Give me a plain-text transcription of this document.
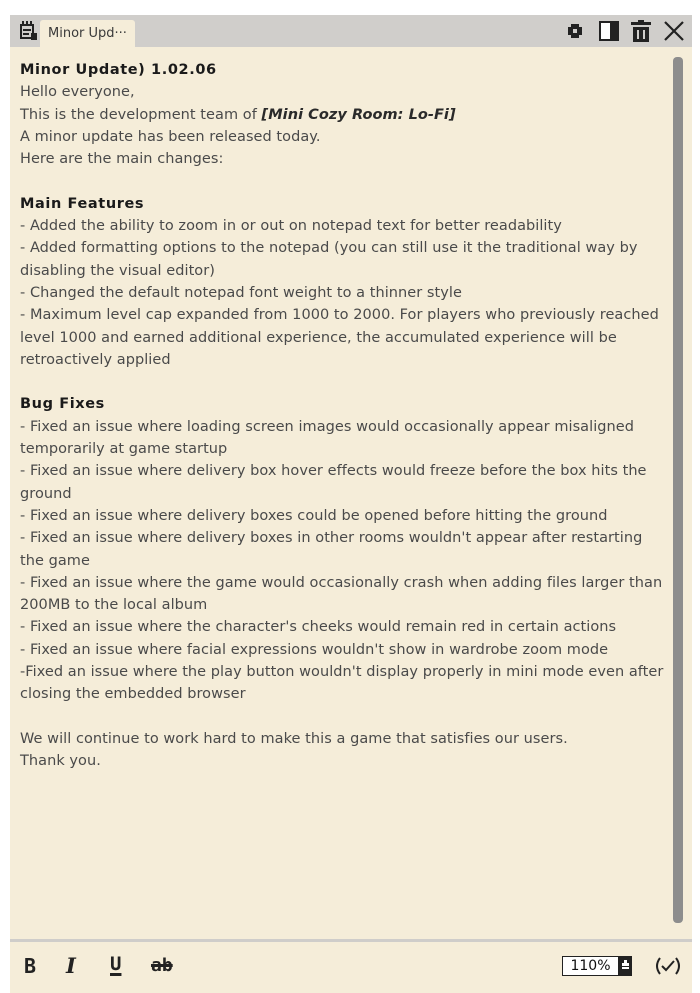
Minor Upd···

Minor Update) 1.02.06

Hello everyone,

This is the development team of [Mini Cozy Room: Lo-Fi]

A minor update has been released today.

Here are the main changes:

Main Features

- Added the ability to zoom in or out on notepad text for better readability

- Added formatting options to the notepad (you can still use it the traditional way by disabling the visual editor)

- Changed the default notepad font weight to a thinner style

- Maximum level cap expanded from 1000 to 2000. For players who previously reached level 1000 and earned additional experience, the accumulated experience will be retroactively applied

Bug Fixes

- Fixed an issue where loading screen images would occasionally appear misaligned temporarily at game startup

- Fixed an issue where delivery box hover effects would freeze before the box hits the ground

- Fixed an issue where delivery boxes could be opened before hitting the ground

- Fixed an issue where delivery boxes in other rooms wouldn't appear after restarting the game

- Fixed an issue where the game would occasionally crash when adding files larger than 200MB to the local album

- Fixed an issue where the character's cheeks would remain red in certain actions

- Fixed an issue where facial expressions wouldn't show in wardrobe zoom mode

-Fixed an issue where the play button wouldn't display properly in mini mode even after closing the embedded browser

We will continue to work hard to make this a game that satisfies our users.

Thank you.

B	I	U	ab	110%
